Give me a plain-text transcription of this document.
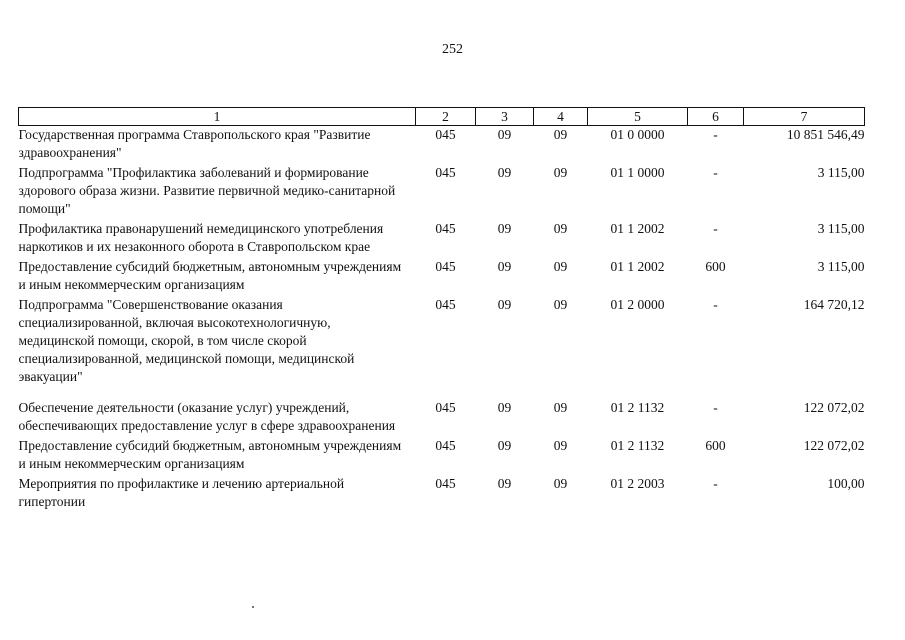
252
1	2	3	4	5	6	7
Государственная программа Ставропольского края "Развитие здравоохранения"	045	09	09	01 0 0000	-	10 851 546,49
Подпрограмма "Профилактика заболеваний и формирование здорового образа жизни. Развитие первичной медико-санитарной помощи"	045	09	09	01 1 0000	-	3 115,00
Профилактика правонарушений немедицинского употребления наркотиков и их незаконного оборота в Ставропольском крае	045	09	09	01 1 2002	-	3 115,00
Предоставление субсидий бюджетным, автономным учреждениям и иным некоммерческим организациям	045	09	09	01 1 2002	600	3 115,00
Подпрограмма "Совершенствование оказания специализированной, включая высокотехнологичную, медицинской помощи, скорой, в том числе скорой специализированной, медицинской помощи, медицинской эвакуации"	045	09	09	01 2 0000	-	164 720,12
Обеспечение деятельности (оказание услуг) учреждений, обеспечивающих предоставление услуг в сфере здравоохранения	045	09	09	01 2 1132	-	122 072,02
Предоставление субсидий бюджетным, автономным учреждениям и иным некоммерческим организациям	045	09	09	01 2 1132	600	122 072,02
Мероприятия по профилактике и лечению артериальной гипертонии	045	09	09	01 2 2003	-	100,00
